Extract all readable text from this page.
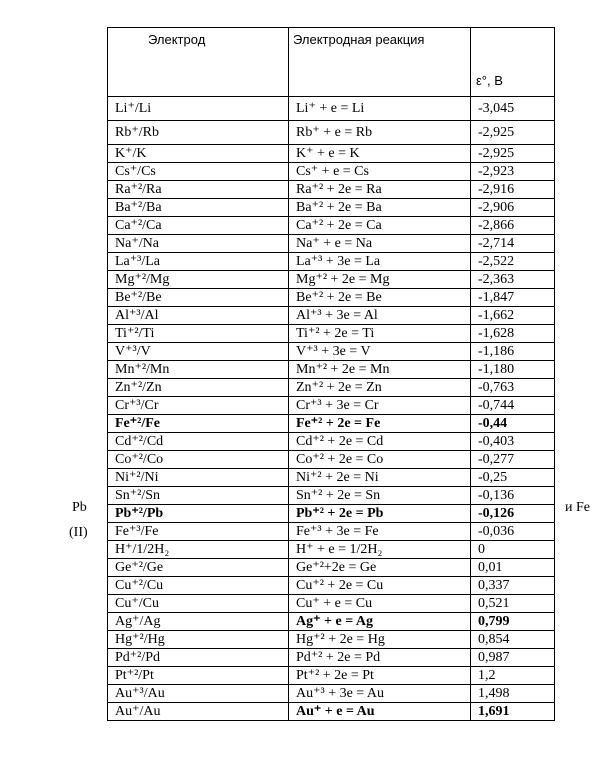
Pb
(II)
и Fe
Электрод	Электродная реакция	ε°, В
Li⁺/Li	Li⁺ + e = Li	-3,045
Rb⁺/Rb	Rb⁺ + e = Rb	-2,925
K⁺/K	K⁺ + e = K	-2,925
Cs⁺/Cs	Cs⁺ + e = Cs	-2,923
Ra⁺²/Ra	Ra⁺² + 2e = Ra	-2,916
Ba⁺²/Ba	Ba⁺² + 2e = Ba	-2,906
Ca⁺²/Ca	Ca⁺² + 2e = Ca	-2,866
Na⁺/Na	Na⁺ + e = Na	-2,714
La⁺³/La	La⁺³ + 3e = La	-2,522
Mg⁺²/Mg	Mg⁺² + 2e = Mg	-2,363
Be⁺²/Be	Be⁺² + 2e = Be	-1,847
Al⁺³/Al	Al⁺³ + 3e = Al	-1,662
Ti⁺²/Ti	Ti⁺² + 2e = Ti	-1,628
V⁺³/V	V⁺³ + 3e = V	-1,186
Mn⁺²/Mn	Mn⁺² + 2e = Mn	-1,180
Zn⁺²/Zn	Zn⁺² + 2e = Zn	-0,763
Cr⁺³/Cr	Cr⁺³ + 3e = Cr	-0,744
Fe⁺²/Fe	Fe⁺² + 2e = Fe	-0,44
Cd⁺²/Cd	Cd⁺² + 2e = Cd	-0,403
Co⁺²/Co	Co⁺² + 2e = Co	-0,277
Ni⁺²/Ni	Ni⁺² + 2e = Ni	-0,25
Sn⁺²/Sn	Sn⁺² + 2e = Sn	-0,136
Pb⁺²/Pb	Pb⁺² + 2e = Pb	-0,126
Fe⁺³/Fe	Fe⁺³ + 3e = Fe	-0,036
H⁺/1/2H₂	H⁺ + e = 1/2H₂	0
Ge⁺²/Ge	Ge⁺²+2e = Ge	0,01
Cu⁺²/Cu	Cu⁺² + 2e = Cu	0,337
Cu⁺/Cu	Cu⁺ + e = Cu	0,521
Ag⁺/Ag	Ag⁺ + e = Ag	0,799
Hg⁺²/Hg	Hg⁺² + 2e = Hg	0,854
Pd⁺²/Pd	Pd⁺² + 2e = Pd	0,987
Pt⁺²/Pt	Pt⁺² + 2e = Pt	1,2
Au⁺³/Au	Au⁺³ + 3e = Au	1,498
Au⁺/Au	Au⁺ + e = Au	1,691
